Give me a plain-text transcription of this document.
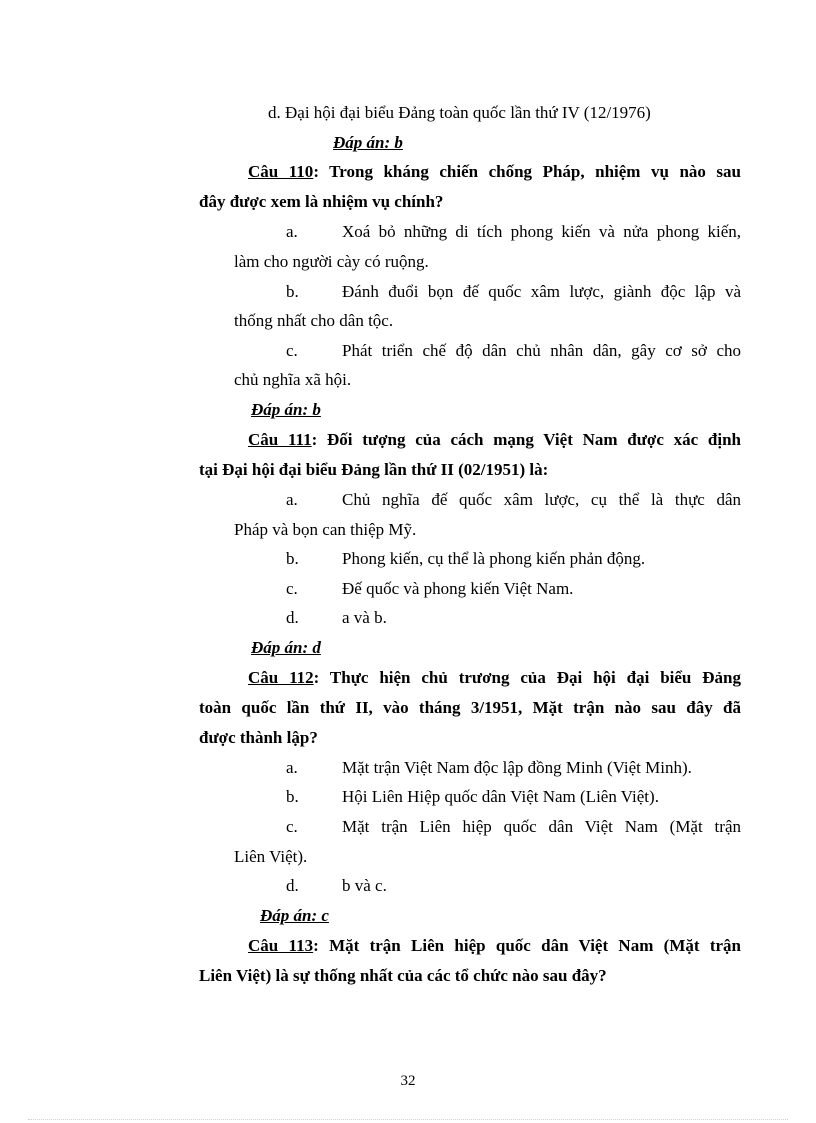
d. Đại hội đại biểu Đảng toàn quốc lần thứ IV (12/1976)
Đáp án: b
Câu 110: Trong kháng chiến chống Pháp, nhiệm vụ nào sau
đây được xem là nhiệm vụ chính?
a.	Xoá bỏ những di tích phong kiến và nửa phong kiến,
làm cho người cày có ruộng.
b.	Đánh đuổi bọn đế quốc xâm lược, giành độc lập và
thống nhất cho dân tộc.
c.	Phát triển chế độ dân chủ nhân dân, gây cơ sở cho
chủ nghĩa xã hội.
Đáp án: b
Câu 111: Đối tượng của cách mạng Việt Nam được xác định
tại Đại hội đại biểu Đảng lần thứ II (02/1951) là:
a.	Chủ nghĩa đế quốc xâm lược, cụ thể là thực dân
Pháp và bọn can thiệp Mỹ.
b.	Phong kiến, cụ thể là phong kiến phản động.
c.	Đế quốc và phong kiến Việt Nam.
d.	a và b.
Đáp án: d
Câu 112: Thực hiện chủ trương của Đại hội đại biểu Đảng
toàn quốc lần thứ II, vào tháng 3/1951, Mặt trận nào sau đây đã
được thành lập?
a.	Mặt trận Việt Nam độc lập đồng Minh (Việt Minh).
b.	Hội Liên Hiệp quốc dân Việt Nam (Liên Việt).
c.	Mặt trận Liên hiệp quốc dân Việt Nam (Mặt trận
Liên Việt).
d.	b và c.
Đáp án: c
Câu 113: Mặt trận Liên hiệp quốc dân Việt Nam (Mặt trận
Liên Việt) là sự thống nhất của các tổ chức nào sau đây?
32
